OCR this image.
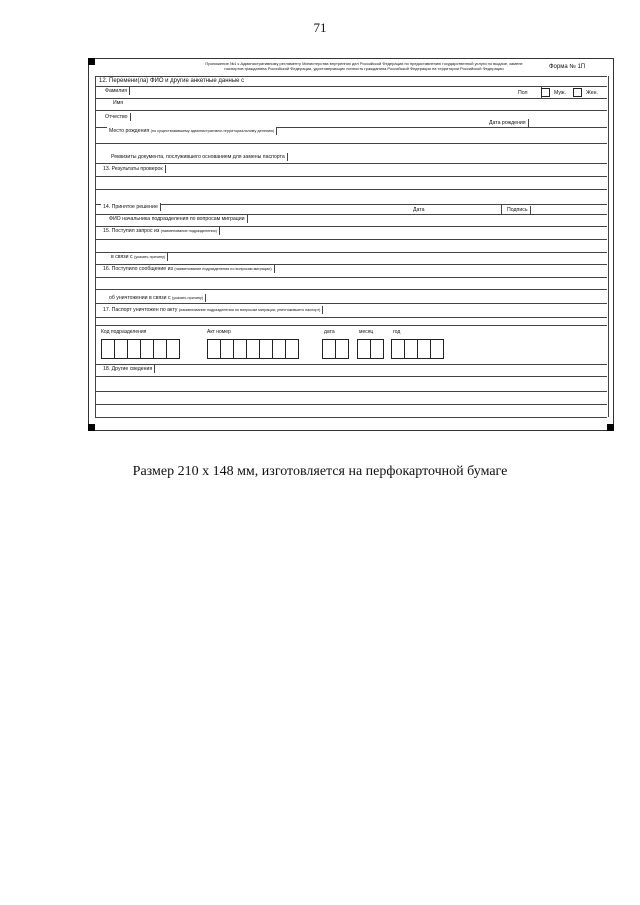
71
Приложение №1 к Административному регламенту Министерства внутренних дел Российской Федерации по предоставлению государственной услуги по выдаче, замене паспортов гражданина Российской Федерации, удостоверяющих личность гражданина Российской Федерации на территории Российской Федерации	Форма № 1П
12. Перемени(ла) ФИО и другие анкетные данные с
Фамилия	Пол	Муж.	Жен.
Имя
Отчество
Дата рождения
Место рождения (по существовавшему административно-территориальному делению)
Реквизиты документа, послужившего основанием для замены паспорта
13. Результаты проверок
14. Принятое решение	Дата	Подпись
ФИО начальника подразделения по вопросам миграции
15. Поступил запрос из (наименование подразделения)
в связи с (указать причину)
16. Поступило сообщение из (наименование подразделения по вопросам миграции)
об уничтожении в связи с (указать причину)
17. Паспорт уничтожен по акту (наименование подразделения по вопросам миграции, уничтожившего паспорт)
Код подразделения	Акт номер	дата	месяц	год
18. Другие сведения
Размер 210 х 148 мм, изготовляется на перфокарточной бумаге
